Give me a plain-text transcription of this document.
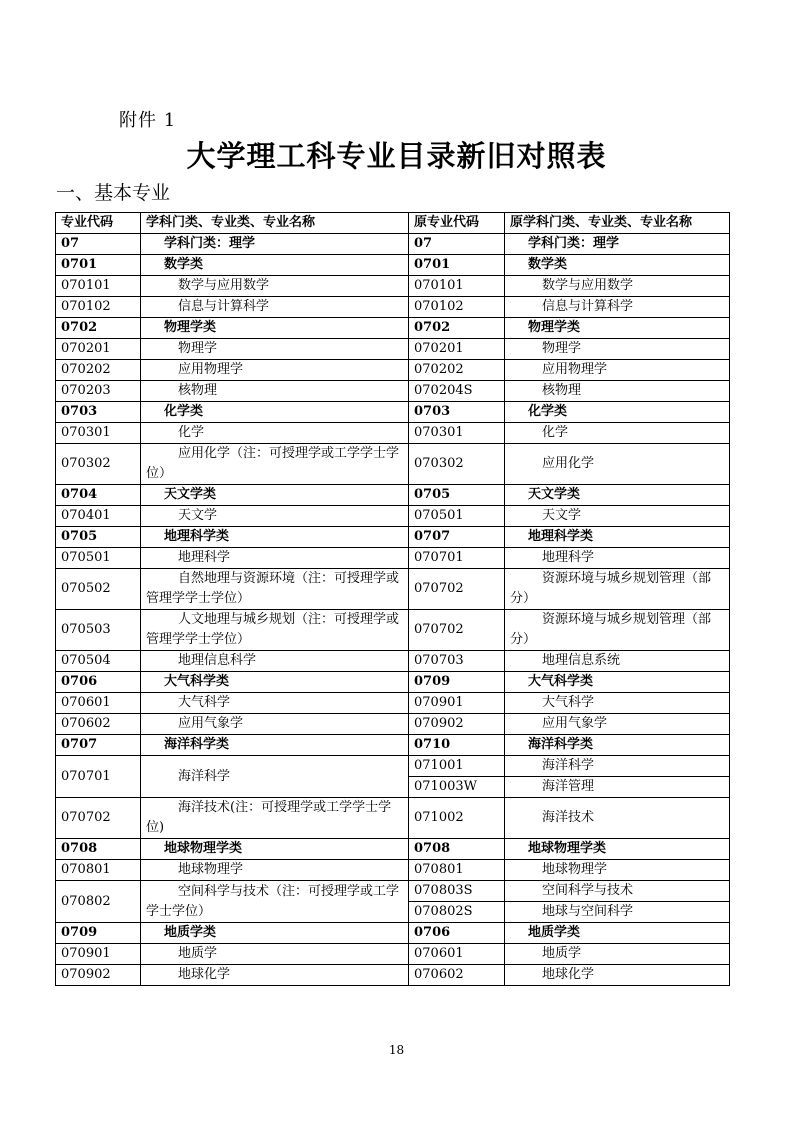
附件 1
大学理工科专业目录新旧对照表
一、基本专业
专业代码	学科门类、专业类、专业名称	原专业代码	原学科门类、专业类、专业名称
07	学科门类：理学	07	学科门类：理学
0701	数学类	0701	数学类
070101	数学与应用数学	070101	数学与应用数学
070102	信息与计算科学	070102	信息与计算科学
0702	物理学类	0702	物理学类
070201	物理学	070201	物理学
070202	应用物理学	070202	应用物理学
070203	核物理	070204S	核物理
0703	化学类	0703	化学类
070301	化学	070301	化学
070302	应用化学（注：可授理学或工学学士学位）	070302	应用化学
0704	天文学类	0705	天文学类
070401	天文学	070501	天文学
0705	地理科学类	0707	地理科学类
070501	地理科学	070701	地理科学
070502	自然地理与资源环境（注：可授理学或管理学学士学位）	070702	资源环境与城乡规划管理（部分）
070503	人文地理与城乡规划（注：可授理学或管理学学士学位）	070702	资源环境与城乡规划管理（部分）
070504	地理信息科学	070703	地理信息系统
0706	大气科学类	0709	大气科学类
070601	大气科学	070901	大气科学
070602	应用气象学	070902	应用气象学
0707	海洋科学类	0710	海洋科学类
070701	海洋科学	071001	海洋科学
		071003W	海洋管理
070702	海洋技术(注：可授理学或工学学士学位)	071002	海洋技术
0708	地球物理学类	0708	地球物理学类
070801	地球物理学	070801	地球物理学
070802	空间科学与技术（注：可授理学或工学学士学位）	070803S	空间科学与技术
		070802S	地球与空间科学
0709	地质学类	0706	地质学类
070901	地质学	070601	地质学
070902	地球化学	070602	地球化学
18
